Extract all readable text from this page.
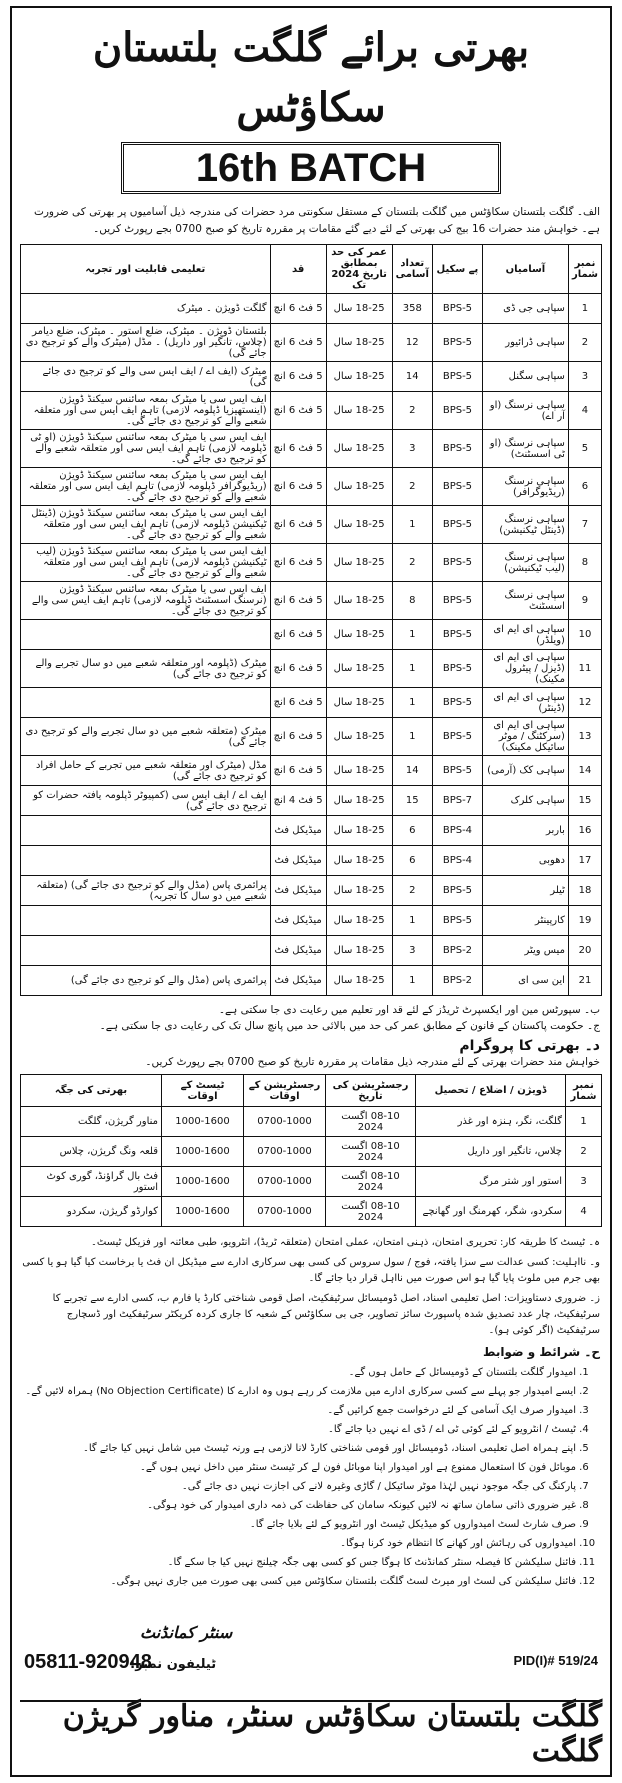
بھرتی برائے گلگت بلتستان سکاؤٹس
16th BATCH
الف۔ گلگت بلتستان سکاؤٹس میں گلگت بلتستان کے مستقل سکونتی مرد حضرات کی مندرجہ ذیل آسامیوں پر بھرتی کی ضرورت ہے۔ خواہش مند حضرات 16 بیج کی بھرتی کے لئے دیے گئے مقامات پر مقررہ تاریخ کو صبح 0700 بجے رپورٹ کریں۔
نمبر شمار	آسامیاں	پے سکیل	تعداد آسامی	عمر کی حد بمطابق تاریخ 2024 تک	قد	تعلیمی قابلیت اور تجربہ
1	سپاہی جی ڈی	BPS-5	358	18-25 سال	5 فٹ 6 انچ	گلگت ڈویژن ۔ میٹرک
2	سپاہی ڈرائیور	BPS-5	12	18-25 سال	5 فٹ 6 انچ	بلتستان ڈویژن ۔ میٹرک، ضلع استور ۔ میٹرک، ضلع دیامر (چلاس، تانگیر اور داریل) ۔ مڈل (میٹرک والے کو ترجیح دی جائے گی)
3	سپاہی سگنل	BPS-5	14	18-25 سال	5 فٹ 6 انچ	میٹرک (ایف اے / ایف ایس سی والے کو ترجیح دی جائے گی)
4	سپاہی نرسنگ (او آر اے)	BPS-5	2	18-25 سال	5 فٹ 6 انچ	ایف ایس سی یا میٹرک بمعہ سائنس سیکنڈ ڈویژن (اینستھیزیا ڈپلومہ لازمی) تاہم ایف ایس سی اور متعلقہ شعبے والے کو ترجیح دی جائے گی۔
5	سپاہی نرسنگ (او ٹی اسسٹنٹ)	BPS-5	3	18-25 سال	5 فٹ 6 انچ	ایف ایس سی یا میٹرک بمعہ سائنس سیکنڈ ڈویژن (او ٹی ڈپلومہ لازمی) تاہم ایف ایس سی اور متعلقہ شعبے والے کو ترجیح دی جائے گی۔
6	سپاہی نرسنگ (ریڈیوگرافر)	BPS-5	2	18-25 سال	5 فٹ 6 انچ	ایف ایس سی یا میٹرک بمعہ سائنس سیکنڈ ڈویژن (ریڈیوگرافر ڈپلومہ لازمی) تاہم ایف ایس سی اور متعلقہ شعبے والے کو ترجیح دی جائے گی۔
7	سپاہی نرسنگ (ڈینٹل ٹیکنیشن)	BPS-5	1	18-25 سال	5 فٹ 6 انچ	ایف ایس سی یا میٹرک بمعہ سائنس سیکنڈ ڈویژن (ڈینٹل ٹیکنیشن ڈپلومہ لازمی) تاہم ایف ایس سی اور متعلقہ شعبے والے کو ترجیح دی جائے گی۔
8	سپاہی نرسنگ (لیب ٹیکنیشن)	BPS-5	2	18-25 سال	5 فٹ 6 انچ	ایف ایس سی یا میٹرک بمعہ سائنس سیکنڈ ڈویژن (لیب ٹیکنیشن ڈپلومہ لازمی) تاہم ایف ایس سی اور متعلقہ شعبے والے کو ترجیح دی جائے گی۔
9	سپاہی نرسنگ اسسٹنٹ	BPS-5	8	18-25 سال	5 فٹ 6 انچ	ایف ایس سی یا میٹرک بمعہ سائنس سیکنڈ ڈویژن (نرسنگ اسسٹنٹ ڈپلومہ لازمی) تاہم ایف ایس سی والے کو ترجیح دی جائے گی۔
10	سپاہی ای ایم ای (ویلڈر)	BPS-5	1	18-25 سال	5 فٹ 6 انچ	
11	سپاہی ای ایم ای (ڈیزل / پیٹرول مکینک)	BPS-5	1	18-25 سال	5 فٹ 6 انچ	میٹرک (ڈپلومہ اور متعلقہ شعبے میں دو سال تجربے والے کو ترجیح دی جائے گی)
12	سپاہی ای ایم ای (ڈینٹر)	BPS-5	1	18-25 سال	5 فٹ 6 انچ	
13	سپاہی ای ایم ای (سرکٹنگ / موٹر سائیکل مکینک)	BPS-5	1	18-25 سال	5 فٹ 6 انچ	میٹرک (متعلقہ شعبے میں دو سال تجربے والے کو ترجیح دی جائے گی)
14	سپاہی کک (آرمی)	BPS-5	14	18-25 سال	5 فٹ 6 انچ	مڈل (میٹرک اور متعلقہ شعبے میں تجربے کے حامل افراد کو ترجیح دی جائے گی)
15	سپاہی کلرک	BPS-7	15	18-25 سال	5 فٹ 4 انچ	ایف اے / ایف ایس سی (کمپیوٹر ڈپلومہ یافتہ حضرات کو ترجیح دی جائے گی)
16	باربر	BPS-4	6	18-25 سال	میڈیکل فٹ	
17	دھوبی	BPS-4	6	18-25 سال	میڈیکل فٹ	
18	ٹیلر	BPS-5	2	18-25 سال	میڈیکل فٹ	پرائمری پاس (مڈل والے کو ترجیح دی جائے گی) (متعلقہ شعبے میں دو سال کا تجربہ)
19	کارپینٹر	BPS-5	1	18-25 سال	میڈیکل فٹ	
20	میس ویٹر	BPS-2	3	18-25 سال	میڈیکل فٹ	
21	این سی ای	BPS-2	1	18-25 سال	میڈیکل فٹ	پرائمری پاس (مڈل والے کو ترجیح دی جائے گی)
ب۔ سپورٹس مین اور ایکسپرٹ ٹریڈز کے لئے قد اور تعلیم میں رعایت دی جا سکتی ہے۔
ج۔ حکومت پاکستان کے قانون کے مطابق عمر کی حد میں بالائی حد میں پانچ سال تک کی رعایت دی جا سکتی ہے۔
د۔ بھرتی کا پروگرام
خواہش مند حضرات بھرتی کے لئے مندرجہ ذیل مقامات پر مقررہ تاریخ کو صبح 0700 بجے رپورٹ کریں۔
نمبر شمار	ڈویژن / اضلاع / تحصیل	رجسٹریشن کی تاریخ	رجسٹریشن کے اوقات	ٹیسٹ کے اوقات	بھرتی کی جگہ
1	گلگت، نگر، ہنزہ اور غذر	08-10 اگست 2024	0700-1000	1000-1600	مناور گریژن، گلگت
2	چلاس، تانگیر اور داریل	08-10 اگست 2024	0700-1000	1000-1600	قلعہ ونگ گریژن، چلاس
3	استور اور شتر مرگ	08-10 اگست 2024	0700-1000	1000-1600	فٹ بال گراؤنڈ، گوری کوٹ استور
4	سکردو، شگر، کھرمنگ اور گھانچے	08-10 اگست 2024	0700-1000	1000-1600	کوارڈو گریژن، سکردو
ہ۔ ٹیسٹ کا طریقہ کار: تحریری امتحان، ذہنی امتحان، عملی امتحان (متعلقہ ٹریڈ)، انٹرویو، طبی معائنہ اور فزیکل ٹیسٹ۔
و۔ نااہلیت: کسی عدالت سے سزا یافتہ، فوج / سول سروس کی کسی بھی سرکاری ادارے سے میڈیکل ان فٹ یا برخاست کیا گیا ہو یا کسی بھی جرم میں ملوث پایا گیا ہو اس صورت میں نااہل قرار دیا جائے گا۔
ز۔ ضروری دستاویزات: اصل تعلیمی اسناد، اصل ڈومیسائل سرٹیفکیٹ، اصل قومی شناختی کارڈ یا فارم ب، کسی ادارے سے تجربے کا سرٹیفکیٹ، چار عدد تصدیق شدہ پاسپورٹ سائز تصاویر، جی بی سکاؤٹس کے شعبہ کا جاری کردہ کریکٹر سرٹیفکیٹ اور ڈسچارج سرٹیفکیٹ (اگر کوئی ہو)۔
ح۔ شرائط و ضوابط
1. امیدوار گلگت بلتستان کے ڈومیسائل کے حامل ہوں گے۔
2. ایسے امیدوار جو پہلے سے کسی سرکاری ادارے میں ملازمت کر رہے ہوں وہ ادارے کا (No Objection Certificate) ہمراہ لائیں گے۔
3. امیدوار صرف ایک آسامی کے لئے درخواست جمع کرائیں گے۔
4. ٹیسٹ / انٹرویو کے لئے کوئی ٹی اے / ڈی اے نہیں دیا جائے گا۔
5. اپنے ہمراہ اصل تعلیمی اسناد، ڈومیسائل اور قومی شناختی کارڈ لانا لازمی ہے ورنہ ٹیسٹ میں شامل نہیں کیا جائے گا۔
6. موبائل فون کا استعمال ممنوع ہے اور امیدوار اپنا موبائل فون لے کر ٹیسٹ سنٹر میں داخل نہیں ہوں گے۔
7. پارکنگ کی جگہ موجود نہیں لہٰذا موٹر سائیکل / گاڑی وغیرہ لانے کی اجازت نہیں دی جائے گی۔
8. غیر ضروری ذاتی سامان ساتھ نہ لائیں کیونکہ سامان کی حفاظت کی ذمہ داری امیدوار کی خود ہوگی۔
9. صرف شارٹ لسٹ امیدواروں کو میڈیکل ٹیسٹ اور انٹرویو کے لئے بلایا جائے گا۔
10. امیدواروں کی رہائش اور کھانے کا انتظام خود کرنا ہوگا۔
11. فائنل سلیکشن کا فیصلہ سنٹر کمانڈنٹ کا ہوگا جس کو کسی بھی جگہ چیلنج نہیں کیا جا سکے گا۔
12. فائنل سلیکشن کی لسٹ اور میرٹ لسٹ گلگت بلتستان سکاؤٹس میں کسی بھی صورت میں جاری نہیں ہوگی۔
سنٹر کمانڈنٹ
ٹیلیفون نمبر:
05811-920948	PID(I)# 519/24
گلگت بلتستان سکاؤٹس سنٹر، مناور گریژن گلگت
